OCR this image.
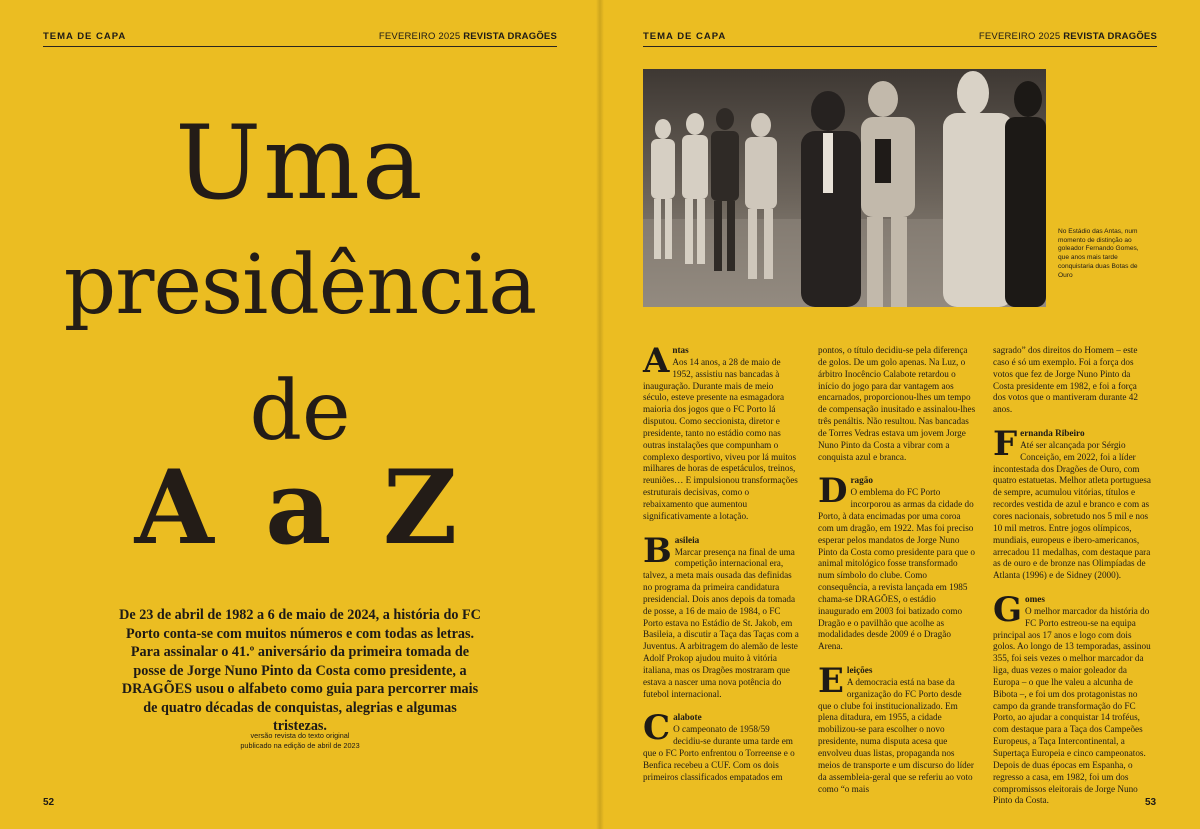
TEMA DE CAPA	FEVEREIRO 2025 REVISTA DRAGÕES
Uma
presidência
de
A a Z
De 23 de abril de 1982 a 6 de maio de 2024, a história do FC Porto conta-se com muitos números e com todas as letras. Para assinalar o 41.º aniversário da primeira tomada de posse de Jorge Nuno Pinto da Costa como presidente, a DRAGÕES usou o alfabeto como guia para percorrer mais de quatro décadas de conquistas, alegrias e algumas tristezas.
versão revista do texto original
publicado na edição de abril de 2023
52
TEMA DE CAPA	FEVEREIRO 2025 REVISTA DRAGÕES
No Estádio das Antas, num momento de distinção ao goleador Fernando Gomes, que anos mais tarde conquistaria duas Botas de Ouro

Antas
Aos 14 anos, a 28 de maio de 1952, assistiu nas bancadas à inauguração. Durante mais de meio século, esteve presente na esmagadora maioria dos jogos que o FC Porto lá disputou. Como seccionista, diretor e presidente, tanto no estádio como nas outras instalações que compunham o complexo desportivo, viveu por lá muitos milhares de horas de espetáculos, treinos, reuniões… E impulsionou transformações estruturais decisivas, como o rebaixamento que aumentou significativamente a lotação.

Basileia
Marcar presença na final de uma competição internacional era, talvez, a meta mais ousada das definidas no programa da primeira candidatura presidencial. Dois anos depois da tomada de posse, a 16 de maio de 1984, o FC Porto estava no Estádio de St. Jakob, em Basileia, a discutir a Taça das Taças com a Juventus. A arbitragem do alemão de leste Adolf Prokop ajudou muito à vitória italiana, mas os Dragões mostraram que estava a nascer uma nova potência do futebol internacional.

Calabote
O campeonato de 1958/59 decidiu-se durante uma tarde em que o FC Porto enfrentou o Torreense e o Benfica recebeu a CUF. Com os dois primeiros classificados empatados em

pontos, o título decidiu-se pela diferença de golos. De um golo apenas. Na Luz, o árbitro Inocêncio Calabote retardou o início do jogo para dar vantagem aos encarnados, proporcionou-lhes um tempo de compensação inusitado e assinalou-lhes três penáltis. Não resultou. Nas bancadas de Torres Vedras estava um jovem Jorge Nuno Pinto da Costa a vibrar com a conquista azul e branca.

Dragão
O emblema do FC Porto incorporou as armas da cidade do Porto, à data encimadas por uma coroa com um dragão, em 1922. Mas foi preciso esperar pelos mandatos de Jorge Nuno Pinto da Costa como presidente para que o animal mitológico fosse transformado num símbolo do clube. Como consequência, a revista lançada em 1985 chama-se DRAGÕES, o estádio inaugurado em 2003 foi batizado como Dragão e o pavilhão que acolhe as modalidades desde 2009 é o Dragão Arena.

Eleições
A democracia está na base da organização do FC Porto desde que o clube foi institucionalizado. Em plena ditadura, em 1955, a cidade mobilizou-se para escolher o novo presidente, numa disputa acesa que envolveu duas listas, propaganda nos meios de transporte e um discurso do líder da assembleia-geral que se referiu ao voto como “o mais

sagrado” dos direitos do Homem – este caso é só um exemplo. Foi a força dos votos que fez de Jorge Nuno Pinto da Costa presidente em 1982, e foi a força dos votos que o mantiveram durante 42 anos.

Fernanda Ribeiro
Até ser alcançada por Sérgio Conceição, em 2022, foi a líder incontestada dos Dragões de Ouro, com quatro estatuetas. Melhor atleta portuguesa de sempre, acumulou vitórias, títulos e recordes vestida de azul e branco e com as cores nacionais, sobretudo nos 5 mil e nos 10 mil metros. Entre jogos olímpicos, mundiais, europeus e ibero-americanos, arrecadou 11 medalhas, com destaque para as de ouro e de bronze nas Olimpíadas de Atlanta (1996) e de Sidney (2000).

Gomes
O melhor marcador da história do FC Porto estreou-se na equipa principal aos 17 anos e logo com dois golos. Ao longo de 13 temporadas, assinou 355, foi seis vezes o melhor marcador da liga, duas vezes o maior goleador da Europa – o que lhe valeu a alcunha de Bibota –, e foi um dos protagonistas no campo da grande transformação do FC Porto, ao ajudar a conquistar 14 troféus, com destaque para a Taça dos Campeões Europeus, a Taça Intercontinental, a Supertaça Europeia e cinco campeonatos. Depois de duas épocas em Espanha, o regresso a casa, em 1982, foi um dos compromissos eleitorais de Jorge Nuno Pinto da Costa.	53
